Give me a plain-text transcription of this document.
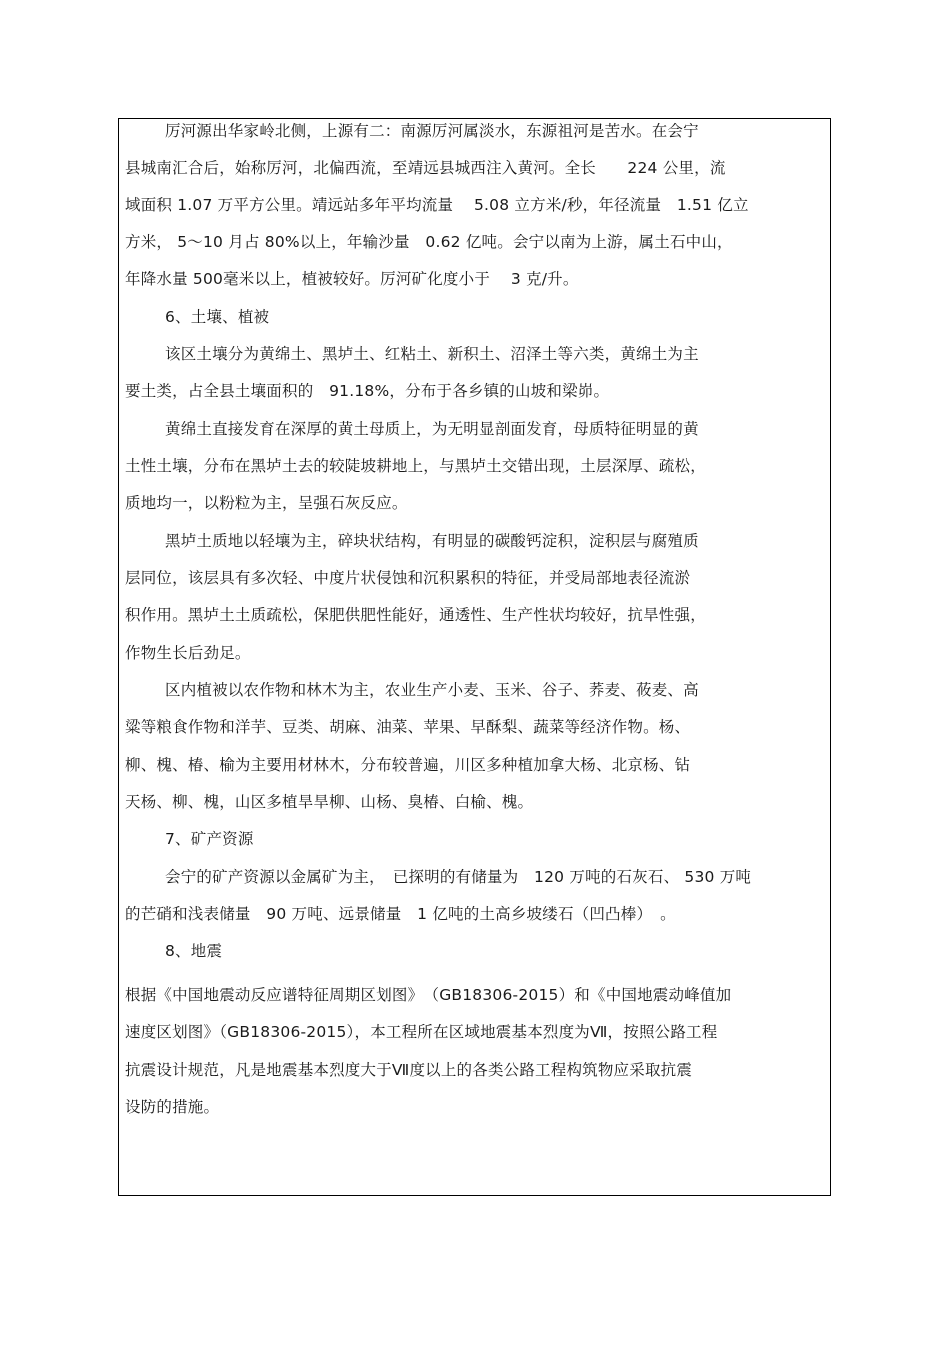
厉河源出华家岭北侧，上源有二：南源厉河属淡水，东源祖河是苦水。在会宁
县城南汇合后，始称厉河，北偏西流，至靖远县城西注入黄河。全长　　224 公里，流
域面积 1.07 万平方公里。靖远站多年平均流量　 5.08 立方米/秒，年径流量　1.51 亿立
方米， 5～10 月占 80%以上，年输沙量　0.62 亿吨。会宁以南为上游，属土石中山，
年降水量 500毫米以上，植被较好。厉河矿化度小于　 3 克/升。
6、土壤、植被
该区土壤分为黄绵土、黑垆土、红粘土、新积土、沼泽土等六类，黄绵土为主
要土类，占全县土壤面积的　91.18%，分布于各乡镇的山坡和梁峁。
黄绵土直接发育在深厚的黄土母质上，为无明显剖面发育，母质特征明显的黄
土性土壤，分布在黑垆土去的较陡坡耕地上，与黑垆土交错出现，土层深厚、疏松，
质地均一，以粉粒为主，呈强石灰反应。
黑垆土质地以轻壤为主，碎块状结构，有明显的碳酸钙淀积，淀积层与腐殖质
层同位，该层具有多次轻、中度片状侵蚀和沉积累积的特征，并受局部地表径流淤
积作用。黑垆土土质疏松，保肥供肥性能好，通透性、生产性状均较好，抗旱性强，
作物生长后劲足。
区内植被以农作物和林木为主，农业生产小麦、玉米、谷子、荞麦、莜麦、高
粱等粮食作物和洋芋、豆类、胡麻、油菜、苹果、早酥梨、蔬菜等经济作物。杨、
柳、槐、椿、榆为主要用材林木，分布较普遍，川区多种植加拿大杨、北京杨、钻
天杨、柳、槐，山区多植旱旱柳、山杨、臭椿、白榆、槐。
7、矿产资源
会宁的矿产资源以金属矿为主，　已探明的有储量为　120 万吨的石灰石、 530 万吨
的芒硝和浅表储量　90 万吨、远景储量　1 亿吨的土高乡坡缕石（凹凸棒）　。
8、地震
根据《中国地震动反应谱特征周期区划图》　（GB18306-2015）和《中国地震动峰值加
速度区划图》（GB18306-2015），本工程所在区域地震基本烈度为Ⅶ，按照公路工程
抗震设计规范，凡是地震基本烈度大于Ⅶ度以上的各类公路工程构筑物应采取抗震
设防的措施。
